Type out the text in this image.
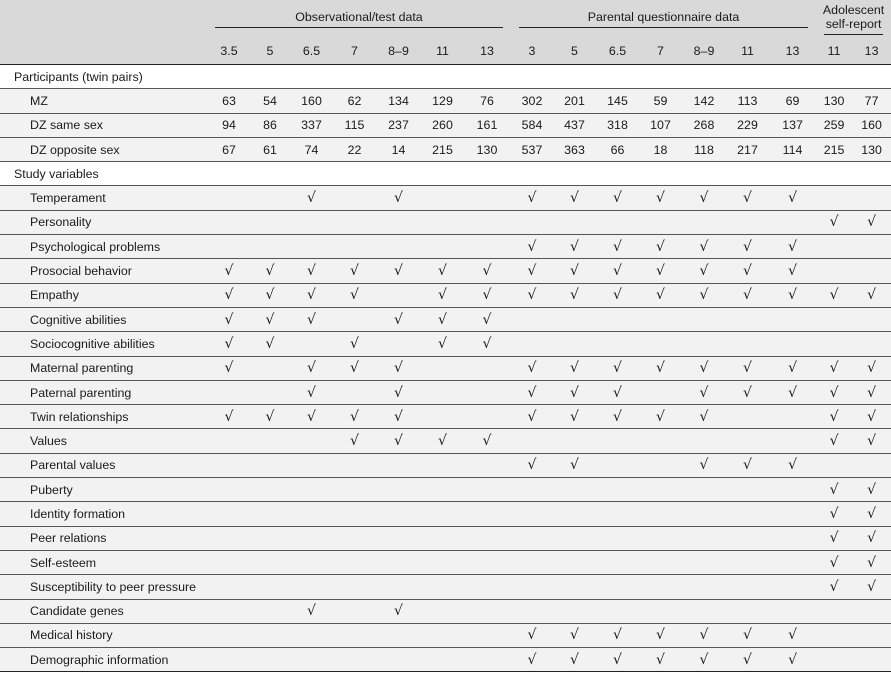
	Observational/test data							Parental questionnaire data							Adolescent
self-report	

	3.5	5	6.5	7	8–9	11	13	3	5	6.5	7	8–9	11	13	11	13
Participants (twin pairs)																
MZ	63	54	160	62	134	129	76	302	201	145	59	142	113	69	130	77
DZ same sex	94	86	337	115	237	260	161	584	437	318	107	268	229	137	259	160
DZ opposite sex	67	61	74	22	14	215	130	537	363	66	18	118	217	114	215	130
Study variables																
Temperament			√		√			√	√	√	√	√	√	√		
Personality															√	√
Psychological problems								√	√	√	√	√	√	√		
Prosocial behavior	√	√	√	√	√	√	√	√	√	√	√	√	√	√		
Empathy	√	√	√	√		√	√	√	√	√	√	√	√	√	√	√
Cognitive abilities	√	√	√		√	√	√									
Sociocognitive abilities	√	√		√		√	√									
Maternal parenting	√		√	√	√			√	√	√	√	√	√	√	√	√
Paternal parenting			√		√			√	√	√		√	√	√	√	√
Twin relationships	√	√	√	√	√			√	√	√	√	√			√	√
Values				√	√	√	√								√	√
Parental values								√	√			√	√	√		
Puberty															√	√
Identity formation															√	√
Peer relations															√	√
Self-esteem															√	√
Susceptibility to peer pressure															√	√
Candidate genes			√		√											
Medical history								√	√	√	√	√	√	√		
Demographic information								√	√	√	√	√	√	√		
